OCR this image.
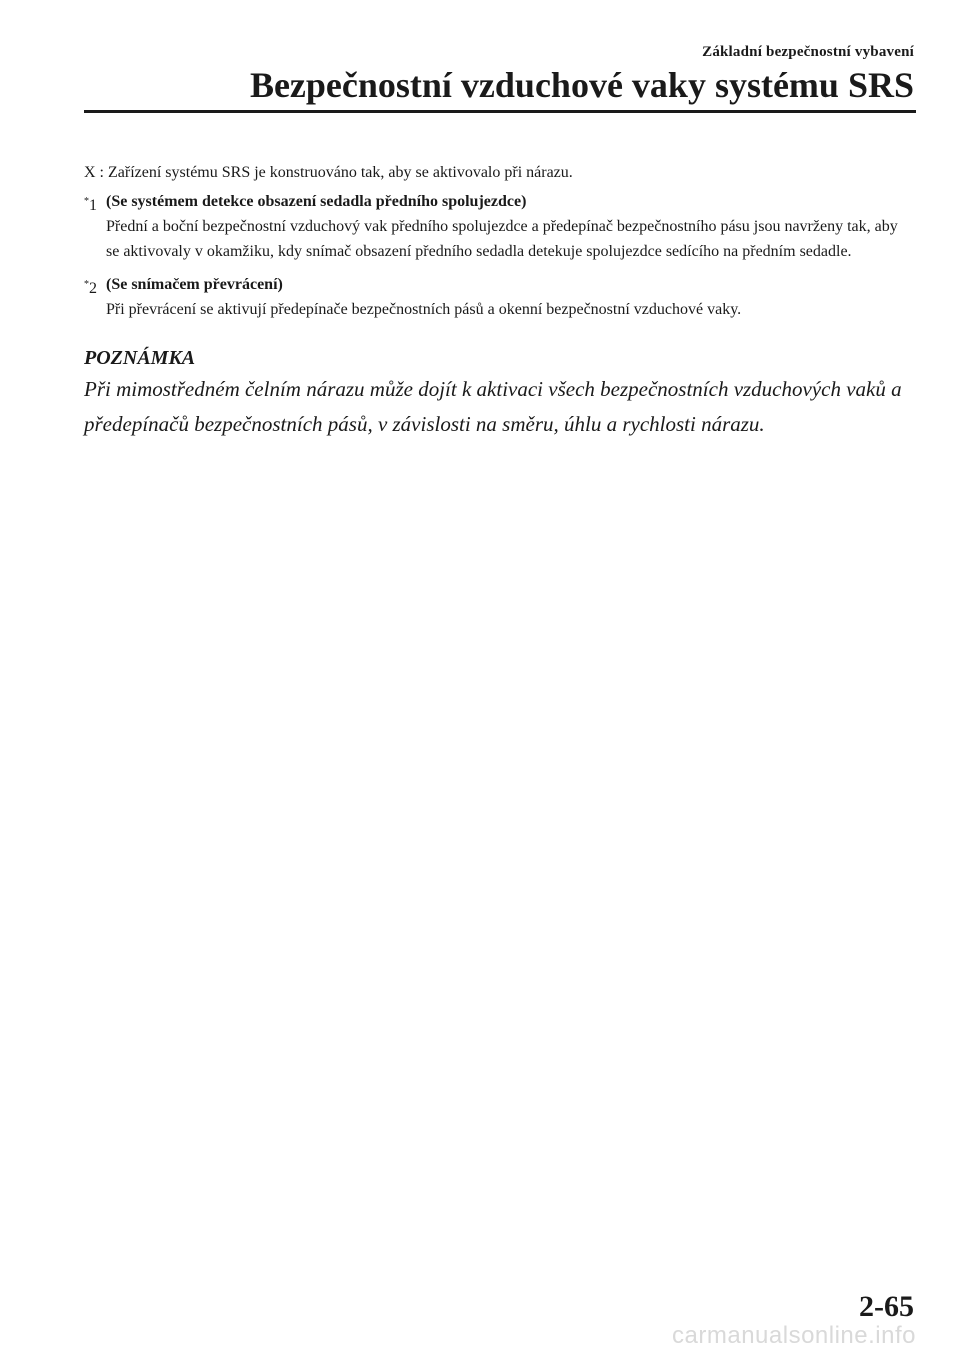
Základní bezpečnostní vybavení
Bezpečnostní vzduchové vaky systému SRS

X : Zařízení systému SRS je konstruováno tak, aby se aktivovalo při nárazu.

*1 (Se systémem detekce obsazení sedadla předního spolujezdce)
Přední a boční bezpečnostní vzduchový vak předního spolujezdce a předepínač bezpečnostního pásu jsou navrženy tak, aby se aktivovaly v okamžiku, kdy snímač obsazení předního sedadla detekuje spolujezdce sedícího na předním sedadle.
*2 (Se snímačem převrácení)
Při převrácení se aktivují předepínače bezpečnostních pásů a okenní bezpečnostní vzduchové vaky.
POZNÁMKA
Při mimostředném čelním nárazu může dojít k aktivaci všech bezpečnostních vzduchových vaků a předepínačů bezpečnostních pásů, v závislosti na směru, úhlu a rychlosti nárazu.
2-65
carmanualsonline.info
